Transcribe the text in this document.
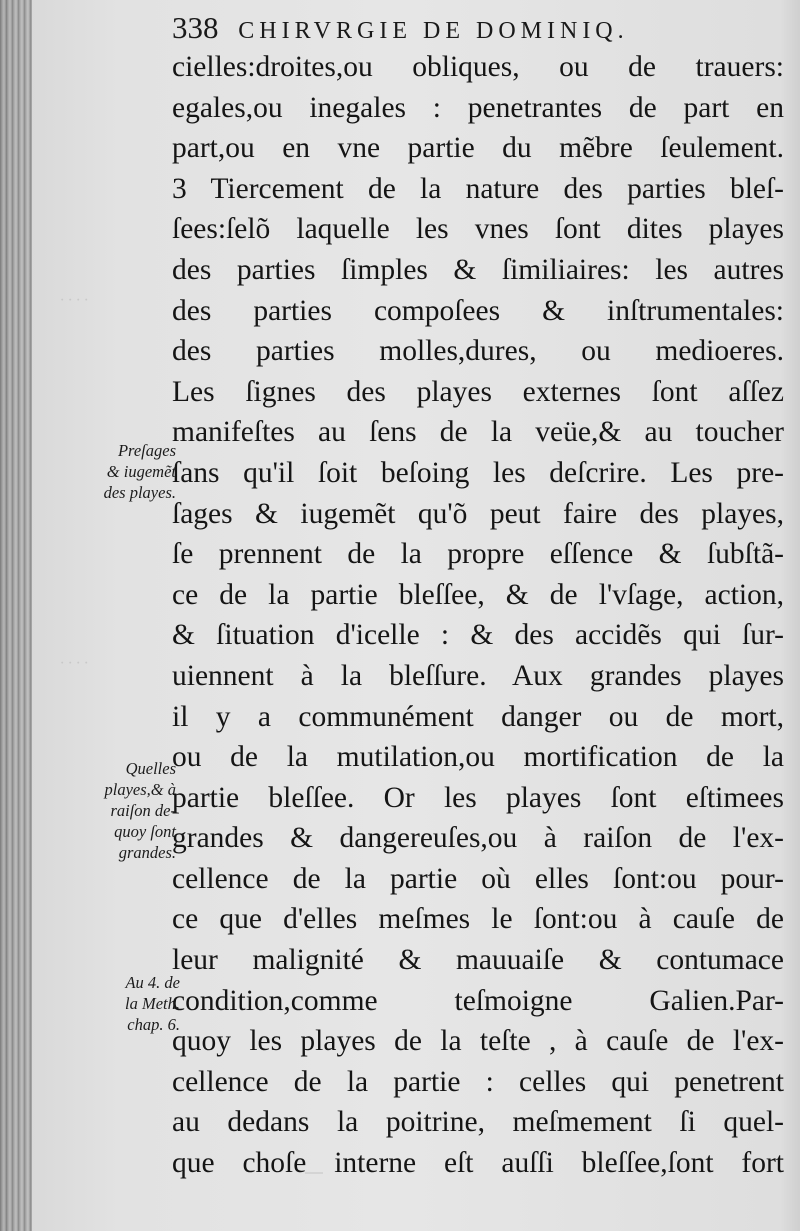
· · · ·
· · · ·
338 CHIRVRGIE DE DOMINIQ.
cielles:droites,ou obliques, ou de trauers:
egales,ou inegales : penetrantes de part en
part,ou en vne partie du mẽbre ſeulement.
3 Tiercement de la nature des parties bleſ-
ſees:ſelõ laquelle les vnes ſont dites playes
des parties ſimples & ſimiliaires: les autres
des parties compoſees & inſtrumentales:
des parties molles,dures, ou medioeres.
Les ſignes des playes externes ſont aſſez
manifeſtes au ſens de la veüe,& au toucher
ſans qu'il ſoit beſoing les deſcrire. Les pre-
ſages & iugemẽt qu'õ peut faire des playes,
ſe prennent de la propre eſſence & ſubſtã-
ce de la partie bleſſee, & de l'vſage, action,
& ſituation d'icelle : & des accidẽs qui ſur-
uiennent à la bleſſure. Aux grandes playes
il y a communément danger ou de mort,
ou de la mutilation,ou mortification de la
partie bleſſee. Or les playes ſont eſtimees
grandes & dangereuſes,ou à raiſon de l'ex-
cellence de la partie où elles ſont:ou pour-
ce que d'elles meſmes le ſont:ou à cauſe de
leur malignité & mauuaiſe & contumace
condition,comme teſmoigne Galien.Par-
quoy les playes de la teſte , à cauſe de l'ex-
cellence de la partie : celles qui penetrent
au dedans la poitrine, meſmement ſi quel-
que choſe interne eſt auſſi bleſſee,ſont fort
Preſages
& iugemẽt
des playes.
Quelles
playes,& à
raiſon de-
quoy ſont
grandes.
Au 4. de
la Meth.
chap. 6.
